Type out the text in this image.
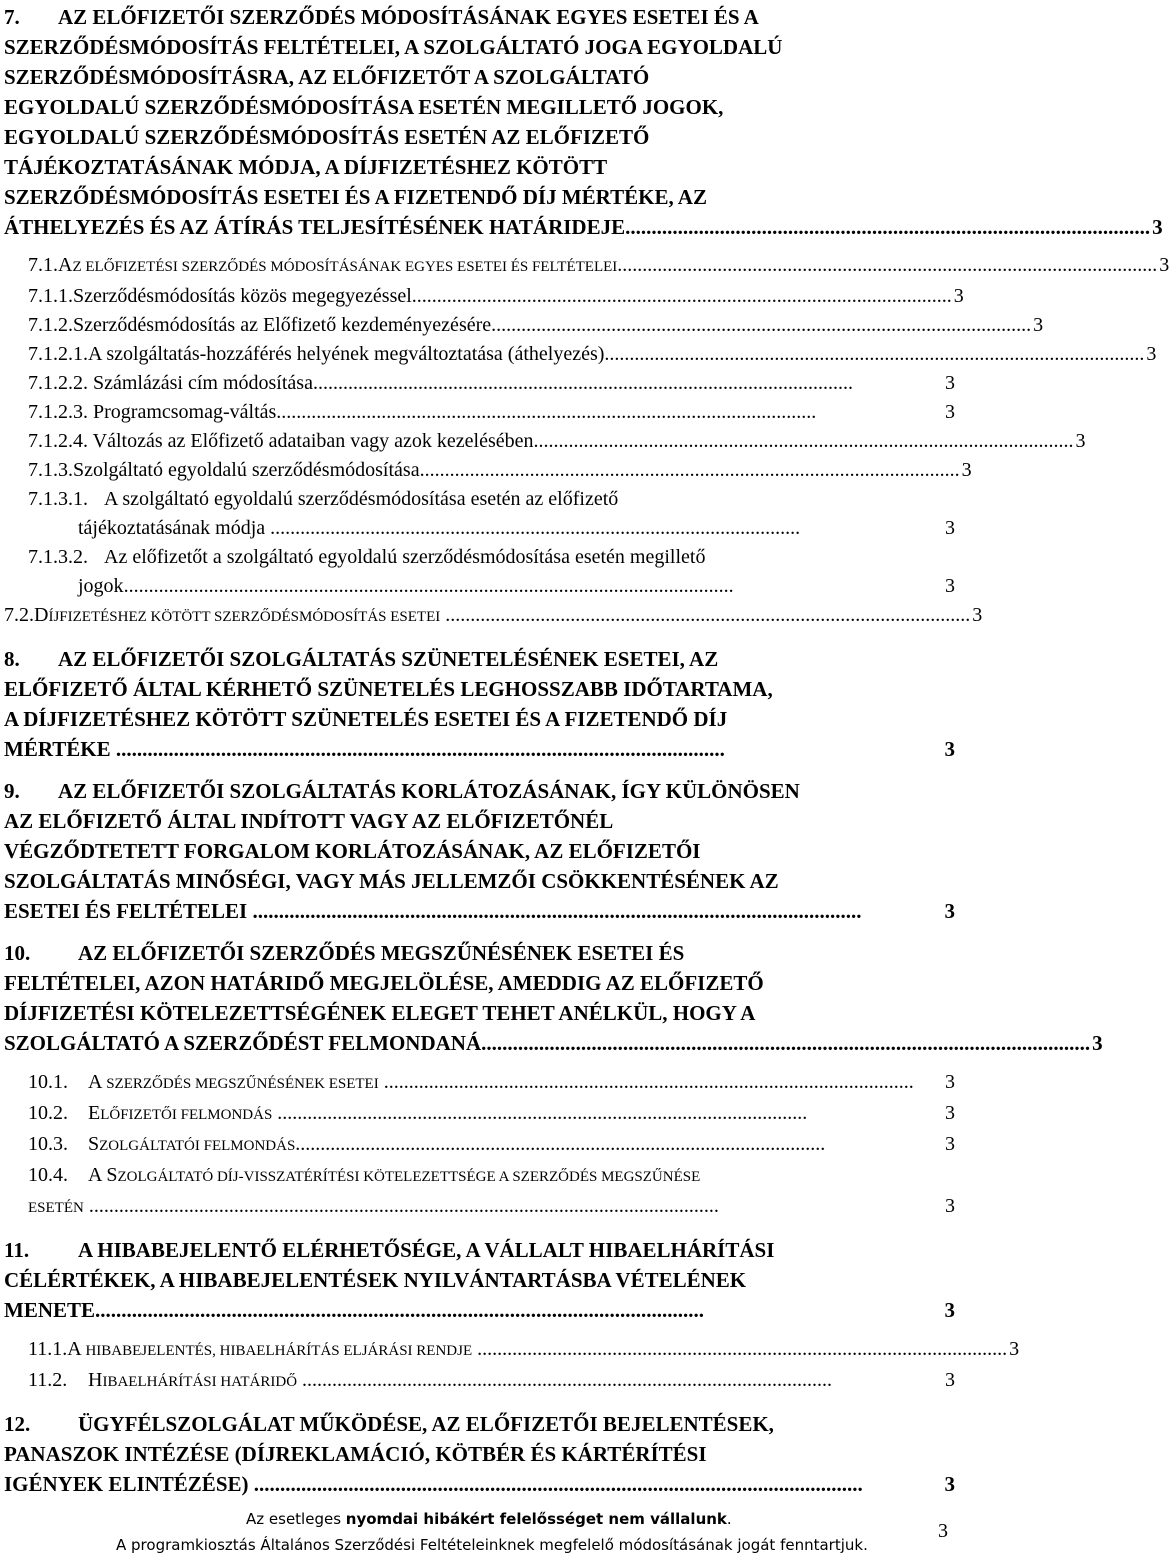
7. AZ ELŐFIZETŐI SZERZŐDÉS MÓDOSÍTÁSÁNAK EGYES ESETEI ÉS A
SZERZŐDÉSMÓDOSÍTÁS FELTÉTELEI, A SZOLGÁLTATÓ JOGA EGYOLDALÚ
SZERZŐDÉSMÓDOSÍTÁSRA, AZ ELŐFIZETŐT A SZOLGÁLTATÓ
EGYOLDALÚ SZERZŐDÉSMÓDOSÍTÁSA ESETÉN MEGILLETŐ JOGOK,
EGYOLDALÚ SZERZŐDÉSMÓDOSÍTÁS ESETÉN AZ ELŐFIZETŐ
TÁJÉKOZTATÁSÁNAK MÓDJA, A DÍJFIZETÉSHEZ KÖTÖTT
SZERZŐDÉSMÓDOSÍTÁS ESETEI ÉS A FIZETENDŐ DÍJ MÉRTÉKE, AZ
ÁTHELYEZÉS ÉS AZ ÁTÍRÁS TELJESÍTÉSÉNEK HATÁRIDEJE .................................................................................................... 3
7.1. AZ ELŐFIZETÉSI SZERZŐDÉS MÓDOSÍTÁSÁNAK EGYES ESETEI ÉS FELTÉTELEI ............................................................................................................ 3
7.1.1. Szerződésmódosítás közös megegyezéssel ............................................................................................................ 3
7.1.2. Szerződésmódosítás az Előfizető kezdeményezésére ............................................................................................................ 3
7.1.2.1. A szolgáltatás-hozzáférés helyének megváltoztatása (áthelyezés) ............................................................................................................ 3
7.1.2.2. Számlázási cím módosítása ............................................................................................................	3
7.1.2.3. Programcsomag-váltás ............................................................................................................	3
7.1.2.4. Változás az Előfizető adataiban vagy azok kezelésében ............................................................................................................ 3
7.1.3. Szolgáltató egyoldalú szerződésmódosítása ............................................................................................................ 3
7.1.3.1. A szolgáltató egyoldalú szerződésmódosítása esetén az előfizető
tájékoztatásának módja ..........................................................................................................	3
7.1.3.2. Az előfizetőt a szolgáltató egyoldalú szerződésmódosítása esetén megillető
jogok ..........................................................................................................................	3
7.2. DÍJFIZETÉSHEZ KÖTÖTT SZERZŐDÉSMÓDOSÍTÁS ESETEI ......................................................................................................... 3
8. AZ ELŐFIZETŐI SZOLGÁLTATÁS SZÜNETELÉSÉNEK ESETEI, AZ
ELŐFIZETŐ ÁLTAL KÉRHETŐ SZÜNETELÉS LEGHOSSZABB IDŐTARTAMA,
A DÍJFIZETÉSHEZ KÖTÖTT SZÜNETELÉS ESETEI ÉS A FIZETENDŐ DÍJ
MÉRTÉKE ....................................................................................................................	3
9. AZ ELŐFIZETŐI SZOLGÁLTATÁS KORLÁTOZÁSÁNAK, ÍGY KÜLÖNÖSEN
AZ ELŐFIZETŐ ÁLTAL INDÍTOTT VAGY AZ ELŐFIZETŐNÉL
VÉGZŐDTETETT FORGALOM KORLÁTOZÁSÁNAK, AZ ELŐFIZETŐI
SZOLGÁLTATÁS MINŐSÉGI, VAGY MÁS JELLEMZŐI CSÖKKENTÉSÉNEK AZ
ESETEI ÉS FELTÉTELEI ....................................................................................................................	3
10. AZ ELŐFIZETŐI SZERZŐDÉS MEGSZŰNÉSÉNEK ESETEI ÉS
FELTÉTELEI, AZON HATÁRIDŐ MEGJELÖLÉSE, AMEDDIG AZ ELŐFIZETŐ
DÍJFIZETÉSI KÖTELEZETTSÉGÉNEK ELEGET TEHET ANÉLKÜL, HOGY A
SZOLGÁLTATÓ A SZERZŐDÉST FELMONDANÁ .................................................................................................................... 3
10.1.	A SZERZŐDÉS MEGSZŰNÉSÉNEK ESETEI ..........................................................................................................	3
10.2.	ELŐFIZETŐI FELMONDÁS ..........................................................................................................	3
10.3.	SZOLGÁLTATÓI FELMONDÁS ..........................................................................................................	3
10.4.	A SZOLGÁLTATÓ DÍJ-VISSZATÉRÍTÉSI KÖTELEZETTSÉGE A SZERZŐDÉS MEGSZŰNÉSE
ESETÉN ..............................................................................................................................	3
11. A HIBABEJELENTŐ ELÉRHETŐSÉGE, A VÁLLALT HIBAELHÁRÍTÁSI
CÉLÉRTÉKEK, A HIBABEJELENTÉSEK NYILVÁNTARTÁSBA VÉTELÉNEK
MENETE ....................................................................................................................	3
11.1. A HIBABEJELENTÉS, HIBAELHÁRÍTÁS ELJÁRÁSI RENDJE .......................................................................................................... 3
11.2.	HIBAELHÁRÍTÁSI HATÁRIDŐ ..........................................................................................................	3
12. ÜGYFÉLSZOLGÁLAT MŰKÖDÉSE, AZ ELŐFIZETŐI BEJELENTÉSEK,
PANASZOK INTÉZÉSE (DÍJREKLAMÁCIÓ, KÖTBÉR ÉS KÁRTÉRÍTÉSI
IGÉNYEK ELINTÉZÉSE) ....................................................................................................................	3
Az esetleges nyomdai hibákért felelősséget nem vállalunk.
A programkiosztás Általános Szerződési Feltételeinknek megfelelő módosításának jogát fenntartjuk.
3
